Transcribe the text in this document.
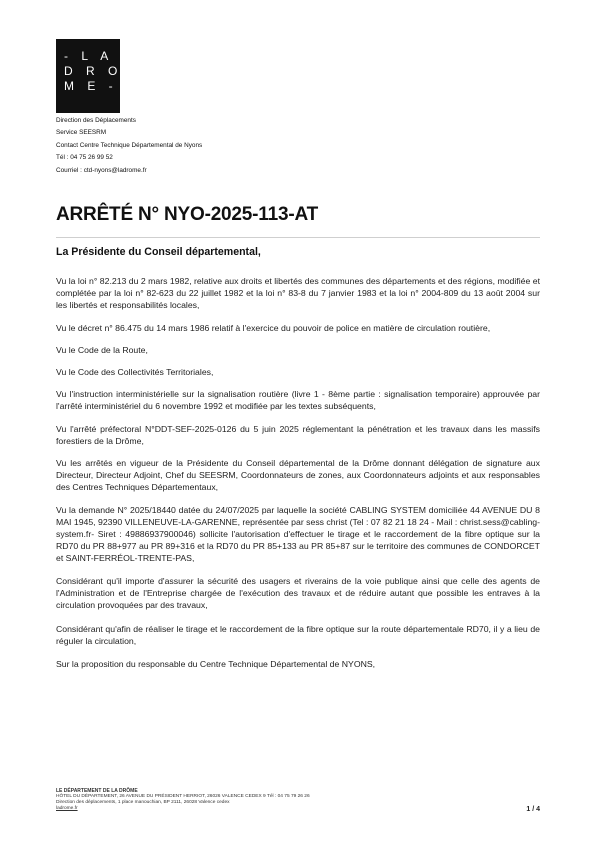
- L A
D R O
M E -
Direction des Déplacements
Service SEESRM
Contact Centre Technique Départemental de Nyons
Tél : 04 75 26 99 52
Courriel : ctd-nyons@ladrome.fr
ARRÊTÉ N° NYO-2025-113-AT
La Présidente du Conseil départemental,

Vu la loi n° 82.213 du 2 mars 1982, relative aux droits et libertés des communes des départements et des régions, modifiée et complétée par la loi n° 82-623 du 22 juillet 1982 et la loi n° 83-8 du 7 janvier 1983 et la loi n° 2004-809 du 13 août 2004 sur les libertés et responsabilités locales,

Vu le décret n° 86.475 du 14 mars 1986 relatif à l'exercice du pouvoir de police en matière de circulation routière,

Vu le Code de la Route,

Vu le Code des Collectivités Territoriales,

Vu l'instruction interministérielle sur la signalisation routière (livre 1 - 8ème partie : signalisation temporaire) approuvée par l'arrêté interministériel du 6 novembre 1992 et modifiée par les textes subséquents,

Vu l'arrêté préfectoral N°DDT-SEF-2025-0126 du 5 juin 2025 réglementant la pénétration et les travaux dans les massifs forestiers de la Drôme,

Vu les arrêtés en vigueur de la Présidente du Conseil départemental de la Drôme donnant délégation de signature aux Directeur, Directeur Adjoint, Chef du SEESRM, Coordonnateurs de zones, aux Coordonnateurs adjoints et aux responsables des Centres Techniques Départementaux,

Vu la demande N° 2025/18440 datée du 24/07/2025 par laquelle la société CABLING SYSTEM domiciliée 44 AVENUE DU 8 MAI 1945, 92390 VILLENEUVE-LA-GARENNE, représentée par sess christ (Tel : 07 82 21 18 24 - Mail : christ.sess@cabling-system.fr- Siret : 49886937900046) sollicite l'autorisation d'effectuer le tirage et le raccordement de la fibre optique sur la RD70 du PR 88+977 au PR 89+316 et la RD70 du PR 85+133 au PR 85+87 sur le territoire des communes de CONDORCET et SAINT-FERRÉOL-TRENTE-PAS,

Considérant qu'il importe d'assurer la sécurité des usagers et riverains de la voie publique ainsi que celle des agents de l'Administration et de l'Entreprise chargée de l'exécution des travaux et de réduire autant que possible les entraves à la circulation provoquées par des travaux,

Considérant qu'afin de réaliser le tirage et le raccordement de la fibre optique sur la route départementale RD70, il y a lieu de réguler la circulation,

Sur la proposition du responsable du Centre Technique Départemental de NYONS,

LE DÉPARTEMENT DE LA DRÔME
HÔTEL DU DÉPARTEMENT, 26 AVENUE DU PRÉSIDENT HERRIOT, 26026 VALENCE CEDEX 9 Tél : 04 75 79 26 26
Direction des déplacements, 1 place manouchian, BP 2111, 26028 Valence cedex
ladrome.fr	1 / 4
